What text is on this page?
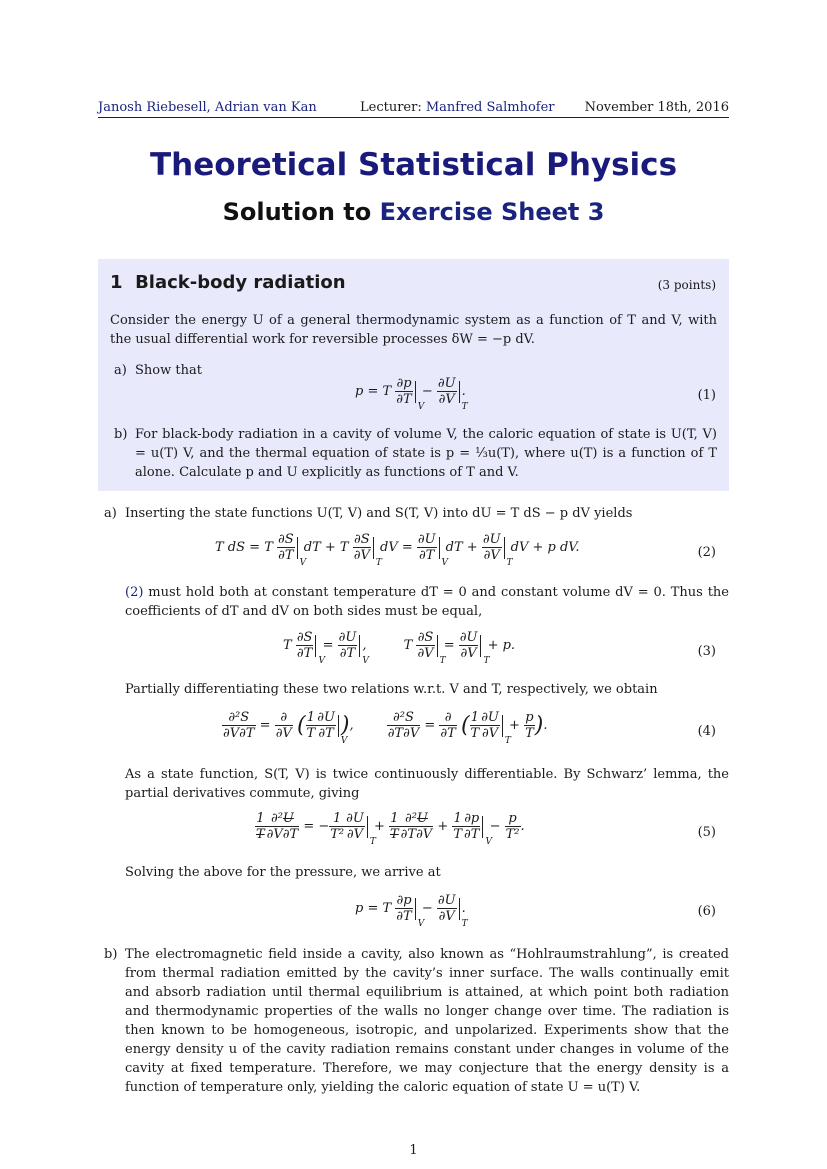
Janosh Riebesell, Adrian van Kan	Lecturer: Manfred Salmhofer November 18th, 2016
Theoretical Statistical Physics
Solution to Exercise Sheet 3
1 Black-body radiation	(3 points)
Consider the energy U of a general thermodynamic system as a function of T and V, with the usual differential work for reversible processes δW = −p dV.
a) Show that
p = T $\frac{\partial p}{\partial T}$ V
− $\frac{\partial U}{\partial V}$ T
.	(1)
b) For black-body radiation in a cavity of volume V, the caloric equation of state is U(T, V) = u(T) V, and the thermal equation of state is p = ⅓u(T), where u(T) is a function of T alone. Calculate p and U explicitly as functions of T and V.
a) Inserting the state functions U(T, V) and S(T, V) into dU = T dS − p dV yields
T dS = T $\frac{\partial S}{\partial T}$ V
dT + T $\frac{\partial S}{\partial V}$ T
dV = $\frac{\partial U}{\partial T}$ V
dT + $\frac{\partial U}{\partial V}$ T
dV + p dV.	(2)
(2) must hold both at constant temperature dT = 0 and constant volume dV = 0. Thus the coefficients of dT and dV on both sides must be equal,
T $\frac{\partial S}{\partial T}$ V
= $\frac{\partial U}{\partial T}$ V
,         T $\frac{\partial S}{\partial V}$ T
= $\frac{\partial U}{\partial V}$ T
+ p.	(3)
Partially differentiating these two relations w.r.t. V and T, respectively, we obtain
$\frac{\text{∂²S}}{\partial V\partial T} = \frac{\partial}{\partial V}$ ( $\frac{1}{T} \frac{\partial U}{\partial T}$ V
), $\frac{\text{∂²S}}{\partial T\partial V} = \frac{\partial}{\partial T}$ ( $\frac{1}{T} \frac{\partial U}{\partial V}$ T
+ $\frac{p}{T}$ ).	(4)
As a state function, S(T, V) is twice continuously differentiable. By Schwarz’ lemma, the partial derivatives commute, giving
$\frac{1}{T} \frac{\text{∂²U}}{\partial V\partial T}$ = − $\frac{1}{\text{T²}} \frac{\partial U}{\partial V}$ T
+ $\frac{1}{T} \frac{\text{∂²U}}{\partial T\partial V} + \frac{1}{T} \frac{\partial p}{\partial T}$ V
− $\frac{p}{\text{T²}}$ .	(5)
Solving the above for the pressure, we arrive at
p = T $\frac{\partial p}{\partial T}$ V
− $\frac{\partial U}{\partial V}$ T
.	(6)
b) The electromagnetic field inside a cavity, also known as “Hohlraumstrahlung”, is created from thermal radiation emitted by the cavity’s inner surface. The walls continually emit and absorb radiation until thermal equilibrium is attained, at which point both radiation and thermodynamic properties of the walls no longer change over time. The radiation is then known to be homogeneous, isotropic, and unpolarized. Experiments show that the energy density u of the cavity radiation remains constant under changes in volume of the cavity at fixed temperature. Therefore, we may conjecture that the energy density is a function of temperature only, yielding the caloric equation of state U = u(T) V.
1
